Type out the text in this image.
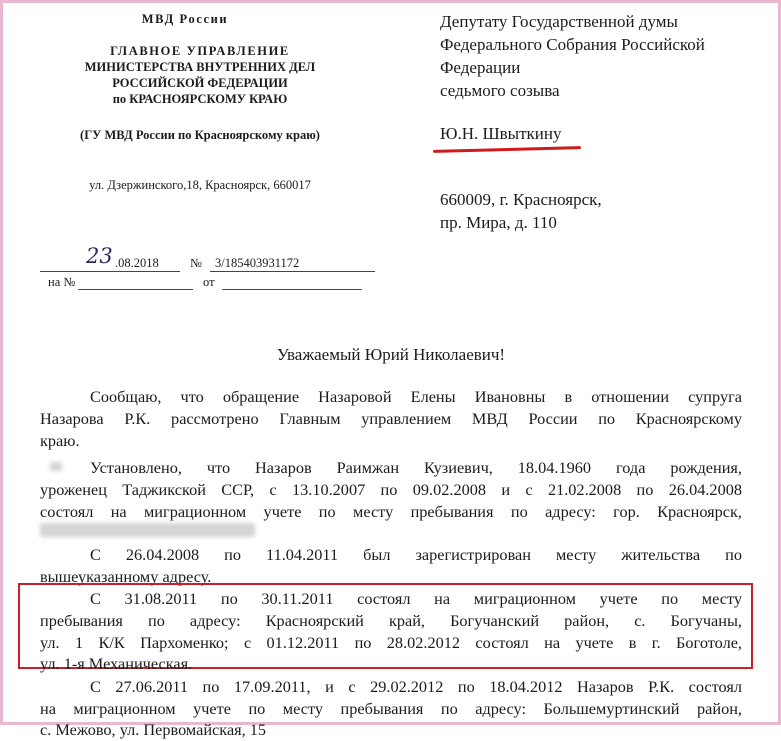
МВД России
ГЛАВНОЕ УПРАВЛЕНИЕ
МИНИСТЕРСТВА ВНУТРЕННИХ ДЕЛ
РОССИЙСКОЙ ФЕДЕРАЦИИ
по КРАСНОЯРСКОМУ КРАЮ
(ГУ МВД России по Красноярскому краю)
ул. Дзержинского,18, Красноярск, 660017
Депутату Государственной думы
Федерального Собрания Российской
Федерации
седьмого созыва
Ю.Н. Швыткину
660009, г. Красноярск,
пр. Мира, д. 110
23 .08.2018	№ 3/185403931172
на №	от
Уважаемый Юрий Николаевич!
Сообщаю, что обращение Назаровой Елены Ивановны в отношении супруга
Назарова Р.К. рассмотрено Главным управлением МВД России по Красноярскому
краю.
Установлено, что Назаров Раимжан Кузиевич, 18.04.1960 года рождения,
уроженец Таджикской ССР, с 13.10.2007 по 09.02.2008 и с 21.02.2008 по 26.04.2008
состоял на миграционном учете по месту пребывания по адресу: гор. Красноярск,
С 26.04.2008 по 11.04.2011 был зарегистрирован месту жительства по
вышеуказанному адресу.
С 31.08.2011 по 30.11.2011 состоял на миграционном учете по месту
пребывания по адресу: Красноярский край, Богучанский район, с. Богучаны,
ул. 1 К/К Пархоменко; с 01.12.2011 по 28.02.2012 состоял на учете в г. Боготоле,
ул. 1-я Механическая.
С 27.06.2011 по 17.09.2011, и с 29.02.2012 по 18.04.2012 Назаров Р.К. состоял
на миграционном учете по месту пребывания по адресу: Большемуртинский район,
с. Межово, ул. Первомайская, 15
